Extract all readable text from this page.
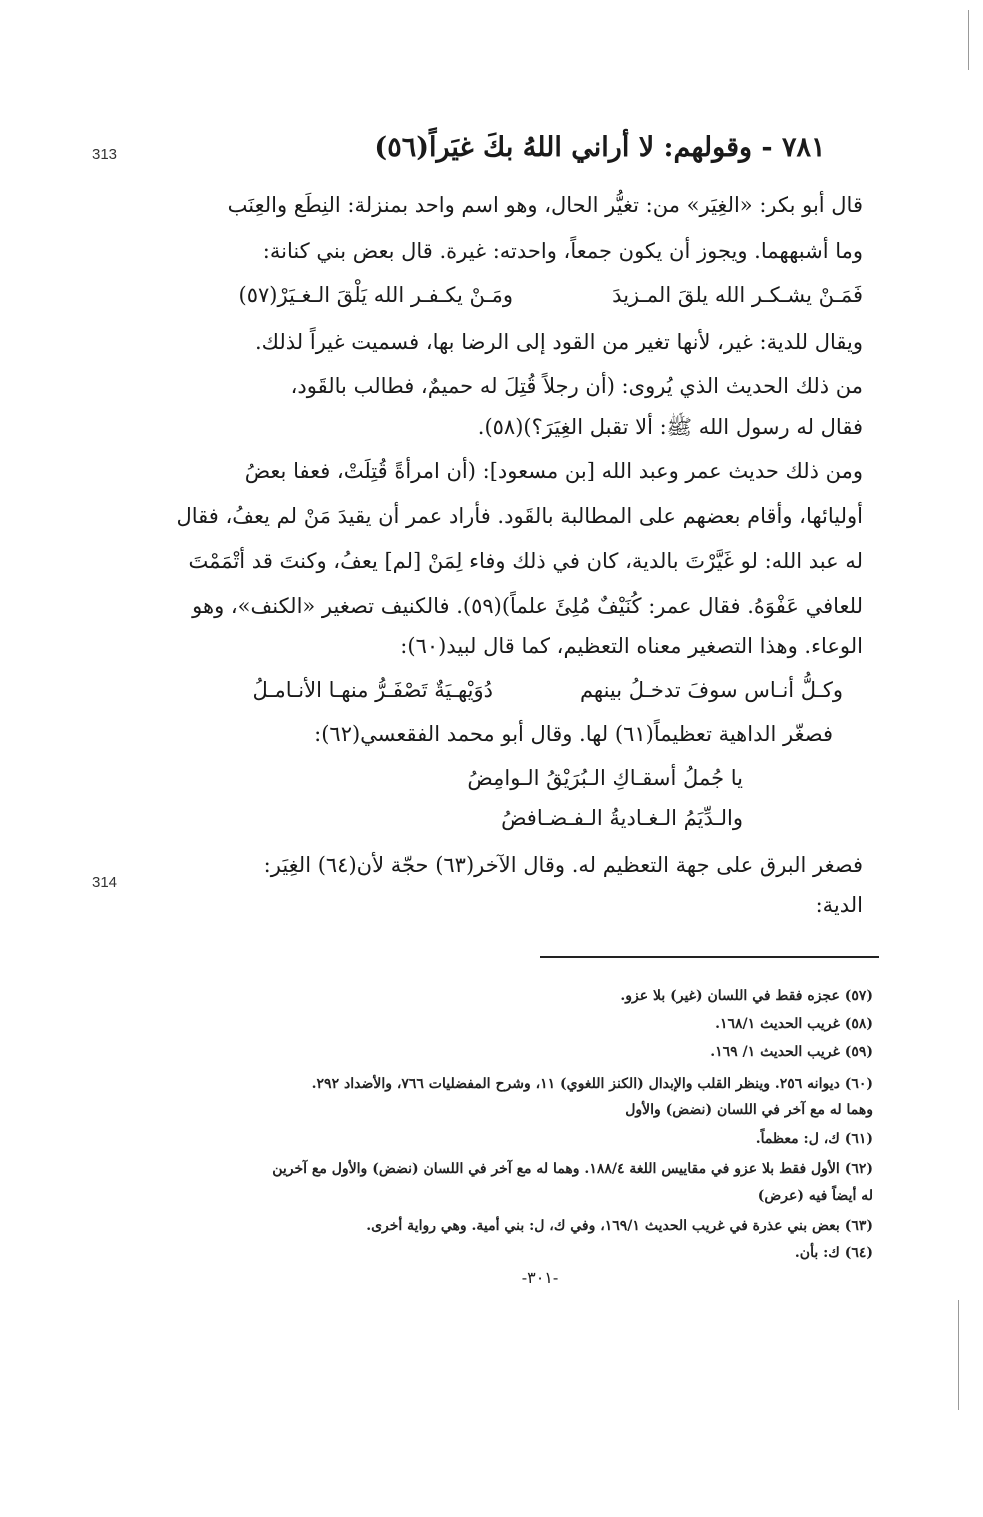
313
314
٧٨١ - وقولهم: لا أراني اللهُ بكَ غيَراً(٥٦)
قال أبو بكر: «الغِيَر» من: تغيُّر الحال، وهو اسم واحد بمنزلة: النِطَع والعِنَب
وما أشبههما. ويجوز أن يكون جمعاً، واحدته: غيرة. قال بعض بني كنانة:
فَمَـنْ يشـكـر الله يلقَ المـزيدَ
ومَـنْ يكـفـر الله يَلْقَ الـغـيَرْ(٥٧)
ويقال للدية: غير، لأنها تغير من القود إلى الرضا بها، فسميت غيراً لذلك.
من ذلك الحديث الذي يُروى: (أن رجلاً قُتِلَ له حميمٌ، فطالب بالقَود،
فقال له رسول الله ﷺ: ألا تقبل الغِيَرَ؟)(٥٨).
ومن ذلك حديث عمر وعبد الله [بن مسعود]: (أن امرأةً قُتِلَتْ، فعفا بعضُ
أوليائها، وأقام بعضهم على المطالبة بالقَود. فأراد عمر أن يقيدَ مَنْ لم يعفُ، فقال
له عبد الله: لو غَيَّرْتَ بالدية، كان في ذلك وفاء لِمَنْ [لم] يعفُ، وكنتَ قد أتْمَمْتَ
للعافي عَفْوَهُ. فقال عمر: كُنَيْفٌ مُلِئَ علماً)(٥٩). فالكنيف تصغير «الكنف»، وهو
الوعاء. وهذا التصغير معناه التعظيم، كما قال لبيد(٦٠):
وكـلُّ أنـاس سوفَ تدخـلُ بينهم
دُوَيْهـيَةٌ تَصْفَـرُّ منهـا الأنـامـلُ
فصغّر الداهية تعظيماً(٦١) لها. وقال أبو محمد الفقعسي(٦٢):
يا جُملُ أسقـاكِ الـبُرَيْقُ الـوامِضُ
والـدِّيَمُ الـغـاديةُ الـفـضـافضُ
فصغر البرق على جهة التعظيم له. وقال الآخر(٦٣) حجّة لأن(٦٤) الغِيَر:
الدية:
(٥٧) عجزه فقط في اللسان (غير) بلا عزو.
(٥٨) غريب الحديث ١٦٨/١.
(٥٩) غريب الحديث ١/ ١٦٩.
(٦٠) ديوانه ٢٥٦. وينظر القلب والإبدال (الكنز اللغوي) ١١، وشرح المفضليات ٧٦٦، والأضداد ٢٩٢.
وهما له مع آخر في اللسان (نضض) والأول
(٦١) ك، ل: معظماً.
(٦٢) الأول فقط بلا عزو في مقاييس اللغة ١٨٨/٤. وهما له مع آخر في اللسان (نضض) والأول مع آخرين
له أيضاً فيه (عرض)
(٦٣) بعض بني عذرة في غريب الحديث ١٦٩/١، وفي ك، ل: بني أمية. وهي رواية أخرى.
(٦٤) ك: بأن.
-٣٠١-
